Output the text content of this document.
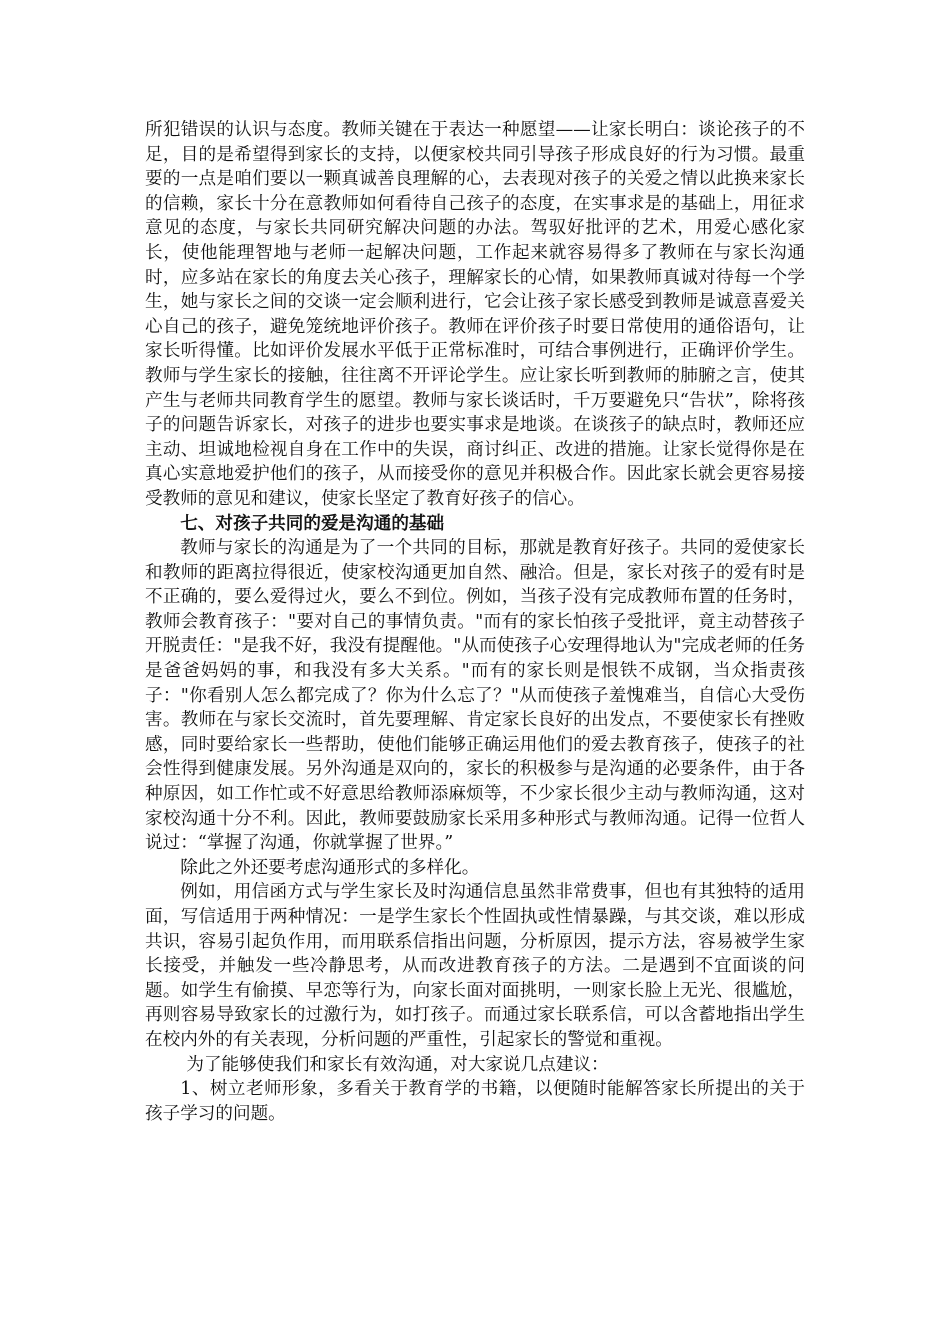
所犯错误的认识与态度。教师关键在于表达一种愿望——让家长明白：谈论孩子的不足，目的是希望得到家长的支持，以便家校共同引导孩子形成良好的行为习惯。最重要的一点是咱们要以一颗真诚善良理解的心，去表现对孩子的关爱之情以此换来家长的信赖，家长十分在意教师如何看待自己孩子的态度，在实事求是的基础上，用征求意见的态度，与家长共同研究解决问题的办法。驾驭好批评的艺术，用爱心感化家长，使他能理智地与老师一起解决问题，工作起来就容易得多了教师在与家长沟通时，应多站在家长的角度去关心孩子，理解家长的心情，如果教师真诚对待每一个学生，她与家长之间的交谈一定会顺利进行，它会让孩子家长感受到教师是诚意喜爱关心自己的孩子，避免笼统地评价孩子。教师在评价孩子时要日常使用的通俗语句，让家长听得懂。比如评价发展水平低于正常标准时，可结合事例进行，正确评价学生。教师与学生家长的接触，往往离不开评论学生。应让家长听到教师的肺腑之言，使其产生与老师共同教育学生的愿望。教师与家长谈话时，千万要避免只“告状”，除将孩子的问题告诉家长，对孩子的进步也要实事求是地谈。在谈孩子的缺点时，教师还应主动、坦诚地检视自身在工作中的失误，商讨纠正、改进的措施。让家长觉得你是在真心实意地爱护他们的孩子，从而接受你的意见并积极合作。因此家长就会更容易接受教师的意见和建议，使家长坚定了教育好孩子的信心。

七、对孩子共同的爱是沟通的基础

教师与家长的沟通是为了一个共同的目标，那就是教育好孩子。共同的爱使家长和教师的距离拉得很近，使家校沟通更加自然、融洽。但是，家长对孩子的爱有时是不正确的，要么爱得过火，要么不到位。例如，当孩子没有完成教师布置的任务时，教师会教育孩子："要对自己的事情负责。"而有的家长怕孩子受批评，竟主动替孩子开脱责任："是我不好，我没有提醒他。"从而使孩子心安理得地认为"完成老师的任务是爸爸妈妈的事，和我没有多大关系。"而有的家长则是恨铁不成钢，当众指责孩子："你看别人怎么都完成了？你为什么忘了？"从而使孩子羞愧难当，自信心大受伤害。教师在与家长交流时，首先要理解、肯定家长良好的出发点，不要使家长有挫败感，同时要给家长一些帮助，使他们能够正确运用他们的爱去教育孩子，使孩子的社会性得到健康发展。另外沟通是双向的，家长的积极参与是沟通的必要条件，由于各种原因，如工作忙或不好意思给教师添麻烦等，不少家长很少主动与教师沟通，这对家校沟通十分不利。因此，教师要鼓励家长采用多种形式与教师沟通。记得一位哲人说过：“掌握了沟通，你就掌握了世界。”

除此之外还要考虑沟通形式的多样化。

例如，用信函方式与学生家长及时沟通信息虽然非常费事，但也有其独特的适用面，写信适用于两种情况：一是学生家长个性固执或性情暴躁，与其交谈，难以形成共识，容易引起负作用，而用联系信指出问题，分析原因，提示方法，容易被学生家长接受，并触发一些冷静思考，从而改进教育孩子的方法。二是遇到不宜面谈的问题。如学生有偷摸、早恋等行为，向家长面对面挑明，一则家长脸上无光、很尴尬，再则容易导致家长的过激行为，如打孩子。而通过家长联系信，可以含蓄地指出学生在校内外的有关表现，分析问题的严重性，引起家长的警觉和重视。

为了能够使我们和家长有效沟通，对大家说几点建议：

1、树立老师形象，多看关于教育学的书籍，以便随时能解答家长所提出的关于孩子学习的问题。
